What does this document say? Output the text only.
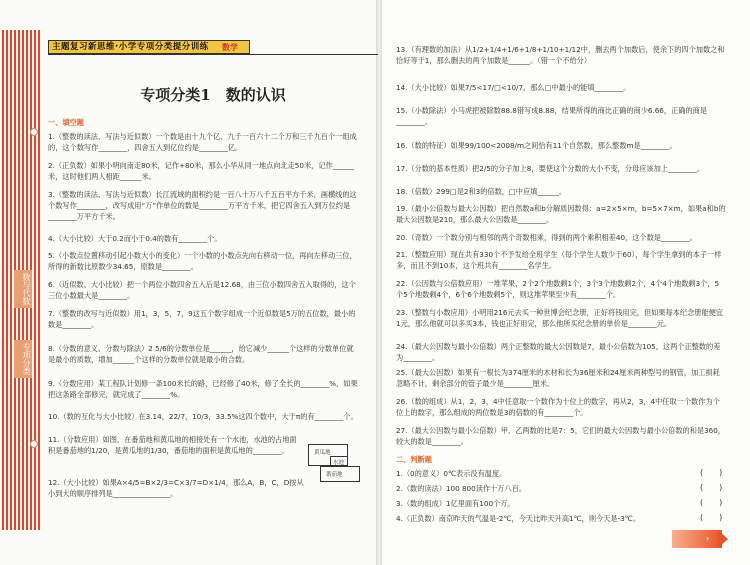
数与代数
专项分类
主题复习新思维·小学专项分类提分训练 数学
专项分类1　数的认识
一、填空题
1.（整数的读法、写法与近似数）一个数是由十九个亿、九千一百六十二个万和三千九百个一组成的，这个数写作________，四舍五入到亿位约是________亿。
2.（正负数）如果小明向南走80米，记作+80米，那么小华从同一地点向北走50米，记作______米，这时他们两人相距______米。
3.（整数的读法、写法与近似数）长江流域的面积约是一百八十万八千五百平方千米，画横线的这个数写作________，改写成用“万”作单位的数是________万平方千米，把它四舍五入到万位约是________万平方千米。
4.（大小比较）大于0.2而小于0.4的数有________个。
5.（小数点位置移动引起小数大小的变化）一个小数的小数点先向右移动一位，再向左移动三位，所得的新数比原数少34.65，原数是________。
6.（近似数、大小比较）把一个两位小数四舍五入后是12.68，由三位小数四舍五入取得的，这个三位小数最大是________。
7.（整数的改写与近似数）用1，3，5，7，9这五个数字组成一个近似数是5万的五位数，最小的数是________。
8.（分数的意义、分数与除法）2 5/6的分数单位是______，给它减少______个这样的分数单位就是最小的质数，增加______个这样的分数单位就是最小的合数。
9.（分数应用）某工程队计划修一条100米长的路，已经修了40米，修了全长的________%，如果把这条路全部修完，就完成了________%。
10.（数的互化与大小比较）在3.14，22/7，10/3，33.5%这四个数中，大于π的有________个。
11.（分数应用）如图，在番茄地和黄瓜地的相接处有一个水池，水池的占地面积是番茄地的1/20，是黄瓜地的1/30，番茄地的面积是黄瓜地的________。
12.（大小比较）如果A×4/5=B×2/3=C×3/7=D×1/4，那么A，B，C，D按从小到大的顺序排列是________________。
黄瓜地
水池
番茄地
13.（有理数的加法）从1/2+1/4+1/6+1/8+1/10+1/12中，删去两个加数后，使余下的四个加数之和恰好等于1，那么删去的两个加数是______。（错一个不给分）
14.（大小比较）如果7/5<17/□<10/7，那么□中最小的能填________。
15.（小数除法）小马虎把被除数88.8错写成8.88，结果所得的商比正确的商少6.66，正确的商是________。
16.（数的特征）如果99/100<2008/m之间恰有11个自然数，那么整数m是________。
17.（分数的基本性质）把2/5的分子加上8，要使这个分数的大小不变，分母应该加上________。
18.（倍数）299□是2和3的倍数，□中应填______。
19.（最小公倍数与最大公因数）把自然数a和b分解质因数得：a=2×5×m，b=5×7×m，如果a和b的最大公因数是210，那么最大公因数是________。
20.（奇数）一个数分别与相邻的两个奇数相乘，得到的两个乘积相差40，这个数是________。
21.（整数应用）现在共有330个不予发给全班学生（每个学生人数少于60），每个学生拿到的本子一样多，而且不到10本，这个班共有________名学生。
22.（公因数与公倍数应用）一堆苹果，2个2个地数剩1个，3个3个地数剩2个，4个4个地数剩3个，5个5个地数剩4个，6个6个地数剩5个，则这堆苹果至少有________个。
23.（整数与小数应用）小明用216元去买一种世博会纪念册，正好将钱用完，但如果每本纪念册能便宜1元，那么他就可以多买3本，钱也正好用完，那么他所买纪念册的单价是________元。
24.（最大公因数与最小公倍数）两个正整数的最大公因数是7，最小公倍数为105，这两个正整数的差为________。
25.（最大公因数）如果有一根长为374厘米的木材和长为36厘米和24厘米两种型号的钢管，加工损耗忽略不计，剩余部分的管子最少是________厘米。
26.（数的组成）从1，2，3，4中任意取一个数作为十位上的数字，再从2，3，4中任取一个数作为个位上的数字，那么组成的两位数是3的倍数的有________个。
27.（最大公因数与最小公倍数）甲、乙两数的比是7：5，它们的最大公因数与最小公倍数的和是360，较大的数是________。
二、判断题
1.（0的意义）0℃表示没有温度。	(　　)
2.（数的读法）100 800读作十万八百。	(　　)
3.（数的组成）1亿里面有100个万。	(　　)
4.（正负数）南京昨天的气温是-2℃，今天比昨天升高1℃，则今天是-3℃。	(　　)
›
